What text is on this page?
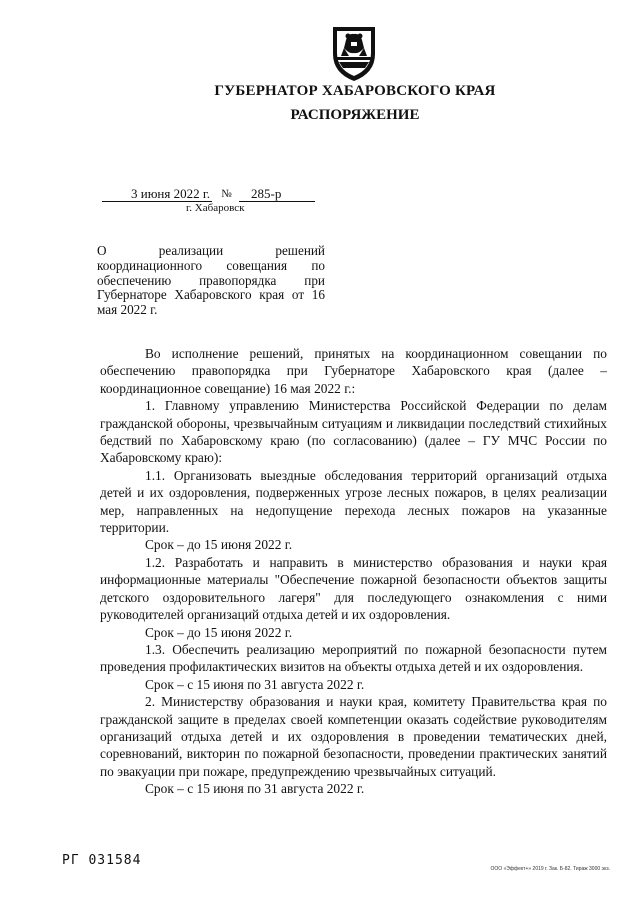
ГУБЕРНАТОР ХАБАРОВСКОГО КРАЯ
РАСПОРЯЖЕНИЕ
3 июня 2022 г. № 285-р
г. Хабаровск
О реализации решений координационного совещания по обеспечению правопорядка при Губернаторе Хабаровского края от 16 мая 2022 г.

Во исполнение решений, принятых на координационном совещании по обеспечению правопорядка при Губернаторе Хабаровского края (далее – координационное совещание) 16 мая 2022 г.:

1. Главному управлению Министерства Российской Федерации по делам гражданской обороны, чрезвычайным ситуациям и ликвидации последствий стихийных бедствий по Хабаровскому краю (по согласованию) (далее – ГУ МЧС России по Хабаровскому краю):

1.1. Организовать выездные обследования территорий организаций отдыха детей и их оздоровления, подверженных угрозе лесных пожаров, в целях реализации мер, направленных на недопущение перехода лесных пожаров на указанные территории.

Срок – до 15 июня 2022 г.

1.2. Разработать и направить в министерство образования и науки края информационные материалы "Обеспечение пожарной безопасности объектов защиты детского оздоровительного лагеря" для последующего ознакомления с ними руководителей организаций отдыха детей и их оздоровления.

Срок – до 15 июня 2022 г.

1.3. Обеспечить реализацию мероприятий по пожарной безопасности путем проведения профилактических визитов на объекты отдыха детей и их оздоровления.

Срок – с 15 июня по 31 августа 2022 г.

2. Министерству образования и науки края, комитету Правительства края по гражданской защите в пределах своей компетенции оказать содействие руководителям организаций отдыха детей и их оздоровления в проведении тематических дней, соревнований, викторин по пожарной безопасности, проведении практических занятий по эвакуации при пожаре, предупреждению чрезвычайных ситуаций.

Срок – с 15 июня по 31 августа 2022 г.

РГ 031584
ООО «Эффект+» 2019 г. Зак. Б-82. Тираж 3000 экз.
